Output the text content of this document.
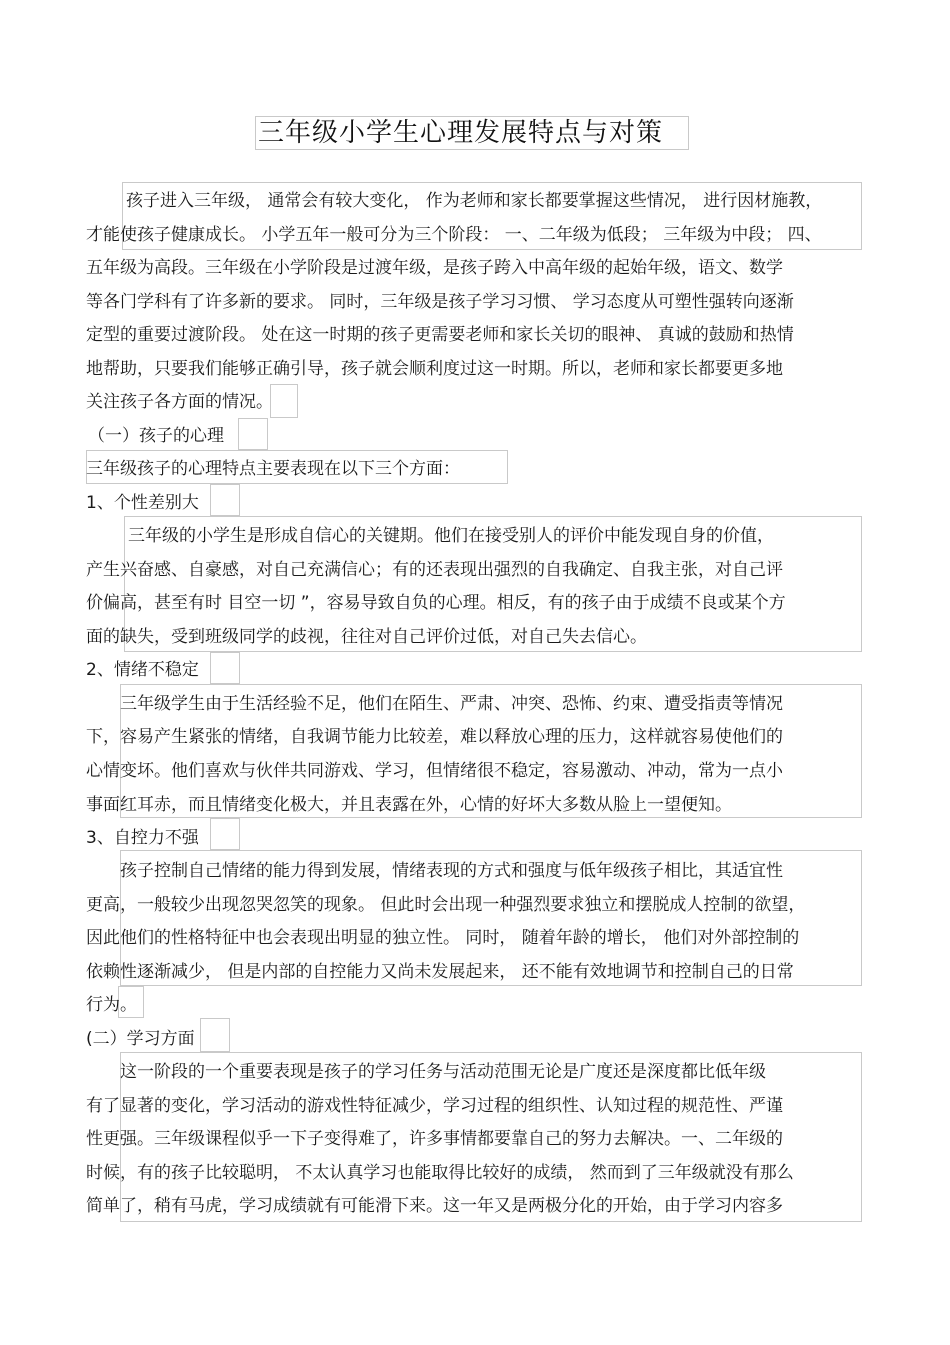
三年级小学生心理发展特点与对策
孩子进入三年级， 通常会有较大变化， 作为老师和家长都要掌握这些情况， 进行因材施教，
才能使孩子健康成长。 小学五年一般可分为三个阶段： 一、二年级为低段； 三年级为中段； 四、
五年级为高段。三年级在小学阶段是过渡年级，是孩子跨入中高年级的起始年级，语文、数学
等各门学科有了许多新的要求。 同时，三年级是孩子学习习惯、 学习态度从可塑性强转向逐渐
定型的重要过渡阶段。 处在这一时期的孩子更需要老师和家长关切的眼神、 真诚的鼓励和热情
地帮助，只要我们能够正确引导，孩子就会顺利度过这一时期。所以，老师和家长都要更多地
关注孩子各方面的情况。
（一）孩子的心理
三年级孩子的心理特点主要表现在以下三个方面：
1、个性差别大
三年级的小学生是形成自信心的关键期。他们在接受别人的评价中能发现自身的价值，
产生兴奋感、自豪感，对自己充满信心；有的还表现出强烈的自我确定、自我主张，对自己评
价偏高，甚至有时 目空一切 ”，容易导致自负的心理。相反，有的孩子由于成绩不良或某个方
面的缺失，受到班级同学的歧视，往往对自己评价过低，对自己失去信心。
2、情绪不稳定
三年级学生由于生活经验不足，他们在陌生、严肃、冲突、恐怖、约束、遭受指责等情况
下，容易产生紧张的情绪，自我调节能力比较差，难以释放心理的压力，这样就容易使他们的
心情变坏。他们喜欢与伙伴共同游戏、学习，但情绪很不稳定，容易激动、冲动，常为一点小
事面红耳赤，而且情绪变化极大，并且表露在外，心情的好坏大多数从脸上一望便知。
3、自控力不强
孩子控制自己情绪的能力得到发展，情绪表现的方式和强度与低年级孩子相比，其适宜性
更高，一般较少出现忽哭忽笑的现象。 但此时会出现一种强烈要求独立和摆脱成人控制的欲望，
因此他们的性格特征中也会表现出明显的独立性。 同时， 随着年龄的增长， 他们对外部控制的
依赖性逐渐减少， 但是内部的自控能力又尚未发展起来， 还不能有效地调节和控制自己的日常
行为。
(二）学习方面
这一阶段的一个重要表现是孩子的学习任务与活动范围无论是广度还是深度都比低年级
有了显著的变化，学习活动的游戏性特征减少，学习过程的组织性、认知过程的规范性、严谨
性更强。三年级课程似乎一下子变得难了，许多事情都要靠自己的努力去解决。一、二年级的
时候，有的孩子比较聪明， 不太认真学习也能取得比较好的成绩， 然而到了三年级就没有那么
简单了，稍有马虎，学习成绩就有可能滑下来。这一年又是两极分化的开始，由于学习内容多
